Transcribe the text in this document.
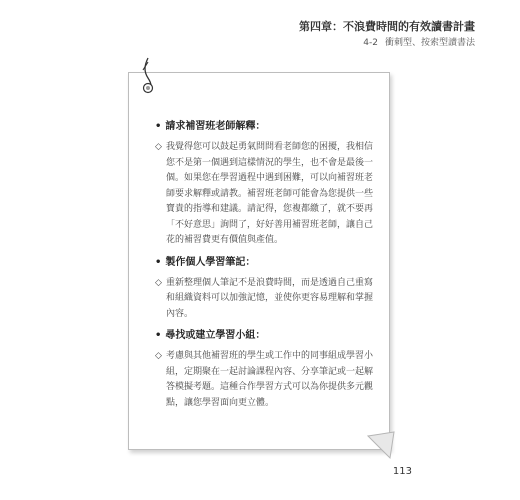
第四章：不浪費時間的有效讀書計畫
4-2 衝刺型、按索型讀書法
• 請求補習班老師解釋：
◇ 我覺得您可以鼓起勇氣問問看老師您的困擾，我相信您不是第一個遇到這樣情況的學生，也不會是最後一個。如果您在學習過程中遇到困難，可以向補習班老師要求解釋或請教。補習班老師可能會為您提供一些寶貴的指導和建議。請記得，您複都繳了，就不要再「不好意思」詢問了，好好善用補習班老師，讓自己花的補習費更有價值與產值。
• 製作個人學習筆記：
◇ 重新整理個人筆記不是浪費時間，而是透過自己重寫和組織資料可以加強記憶，並使你更容易理解和掌握內容。
• 尋找或建立學習小組：
◇ 考慮與其他補習班的學生或工作中的同事組成學習小組，定期聚在一起討論課程內容、分享筆記或一起解答模擬考題。這種合作學習方式可以為你提供多元觀點，讓您學習面向更立體。
113
